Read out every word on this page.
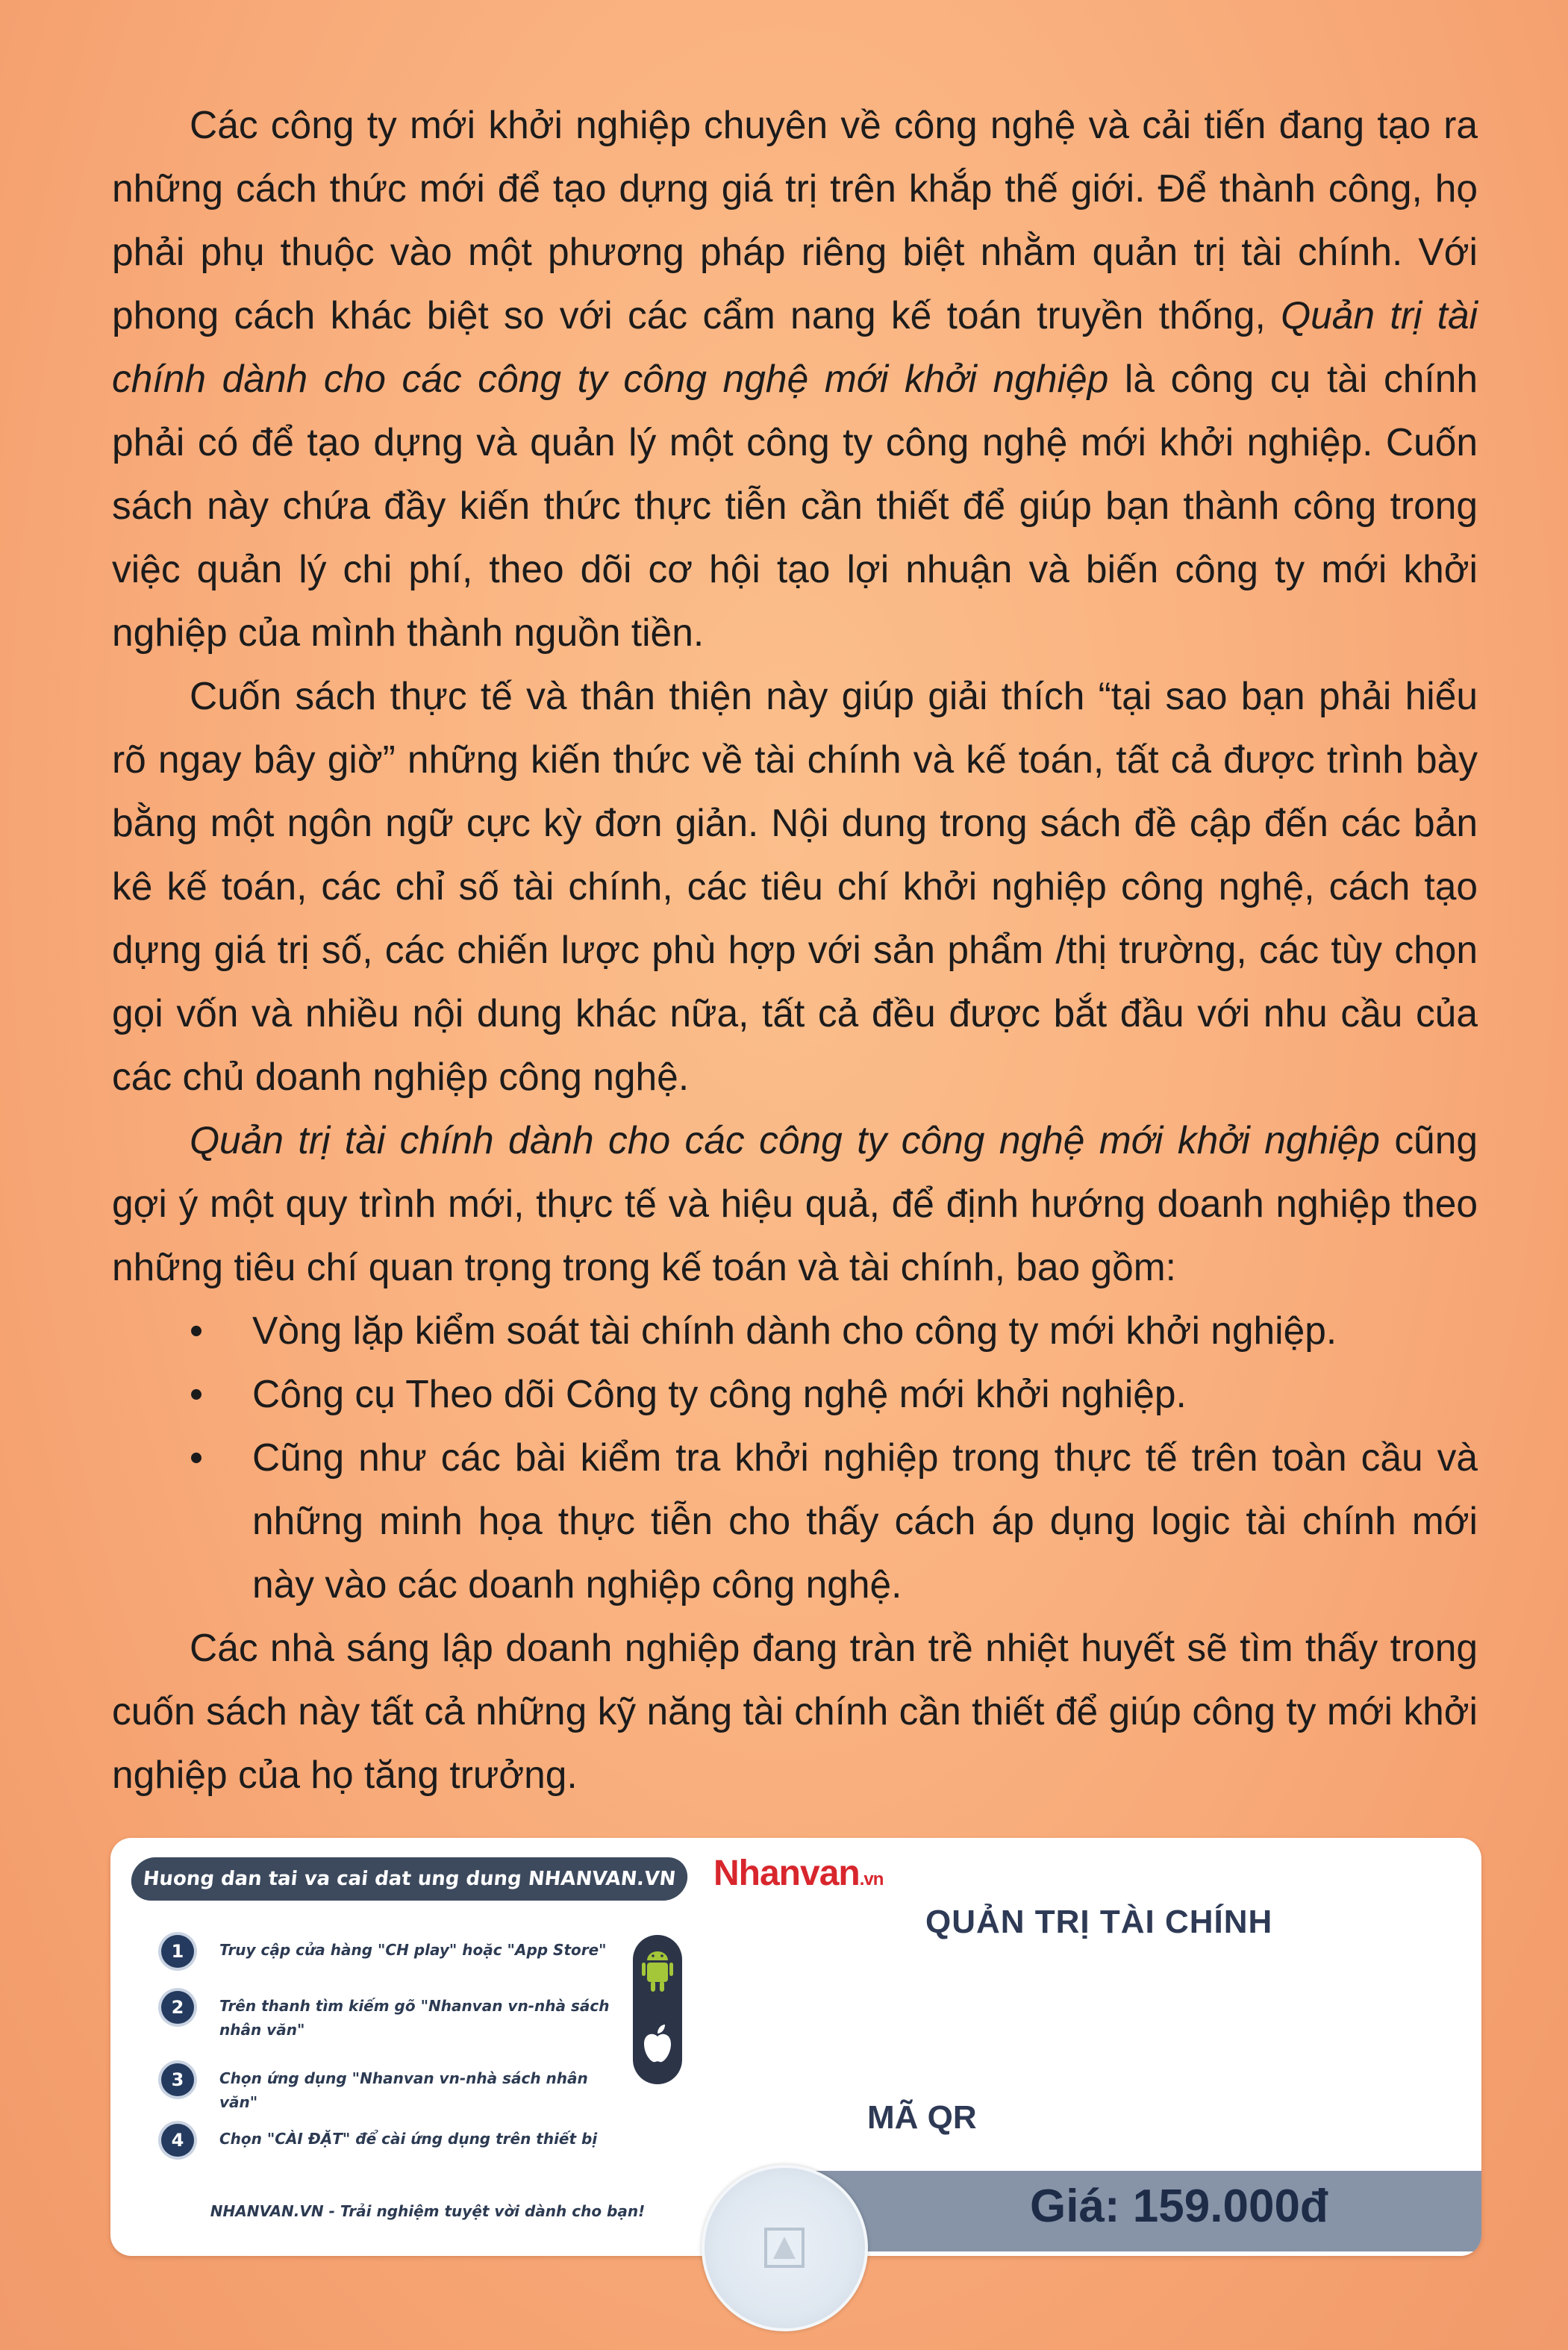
Các công ty mới khởi nghiệp chuyên về công nghệ và cải tiến đang tạo ra những cách thức mới để tạo dựng giá trị trên khắp thế giới. Để thành công, họ phải phụ thuộc vào một phương pháp riêng biệt nhằm quản trị tài chính. Với phong cách khác biệt so với các cẩm nang kế toán truyền thống, Quản trị tài chính dành cho các công ty công nghệ mới khởi nghiệp là công cụ tài chính phải có để tạo dựng và quản lý một công ty công nghệ mới khởi nghiệp. Cuốn sách này chứa đầy kiến thức thực tiễn cần thiết để giúp bạn thành công trong việc quản lý chi phí, theo dõi cơ hội tạo lợi nhuận và biến công ty mới khởi nghiệp của mình thành nguồn tiền.

Cuốn sách thực tế và thân thiện này giúp giải thích “tại sao bạn phải hiểu rõ ngay bây giờ” những kiến thức về tài chính và kế toán, tất cả được trình bày bằng một ngôn ngữ cực kỳ đơn giản. Nội dung trong sách đề cập đến các bản kê kế toán, các chỉ số tài chính, các tiêu chí khởi nghiệp công nghệ, cách tạo dựng giá trị số, các chiến lược phù hợp với sản phẩm /thị trường, các tùy chọn gọi vốn và nhiều nội dung khác nữa, tất cả đều được bắt đầu với nhu cầu của các chủ doanh nghiệp công nghệ.

Quản trị tài chính dành cho các công ty công nghệ mới khởi nghiệp cũng gợi ý một quy trình mới, thực tế và hiệu quả, để định hướng doanh nghiệp theo những tiêu chí quan trọng trong kế toán và tài chính, bao gồm:

• Vòng lặp kiểm soát tài chính dành cho công ty mới khởi nghiệp.
• Công cụ Theo dõi Công ty công nghệ mới khởi nghiệp.
• Cũng như các bài kiểm tra khởi nghiệp trong thực tế trên toàn cầu và những minh họa thực tiễn cho thấy cách áp dụng logic tài chính mới này vào các doanh nghiệp công nghệ.

Các nhà sáng lập doanh nghiệp đang tràn trề nhiệt huyết sẽ tìm thấy trong cuốn sách này tất cả những kỹ năng tài chính cần thiết để giúp công ty mới khởi nghiệp của họ tăng trưởng.

Huong dan tai va cai dat ung dung NHANVAN.VN
1	Truy cập cửa hàng "CH play" hoặc "App Store"
2	Trên thanh tìm kiếm gõ "Nhanvan vn-nhà sách nhân văn"
3	Chọn ứng dụng "Nhanvan vn-nhà sách nhân văn"
4	Chọn "CÀI ĐẶT" để cài ứng dụng trên thiết bị
NHANVAN.VN - Trải nghiệm tuyệt vời dành cho bạn!
Nhanvan.vn
QUẢN TRỊ TÀI CHÍNH
MÃ QR
Giá: 159.000đ
